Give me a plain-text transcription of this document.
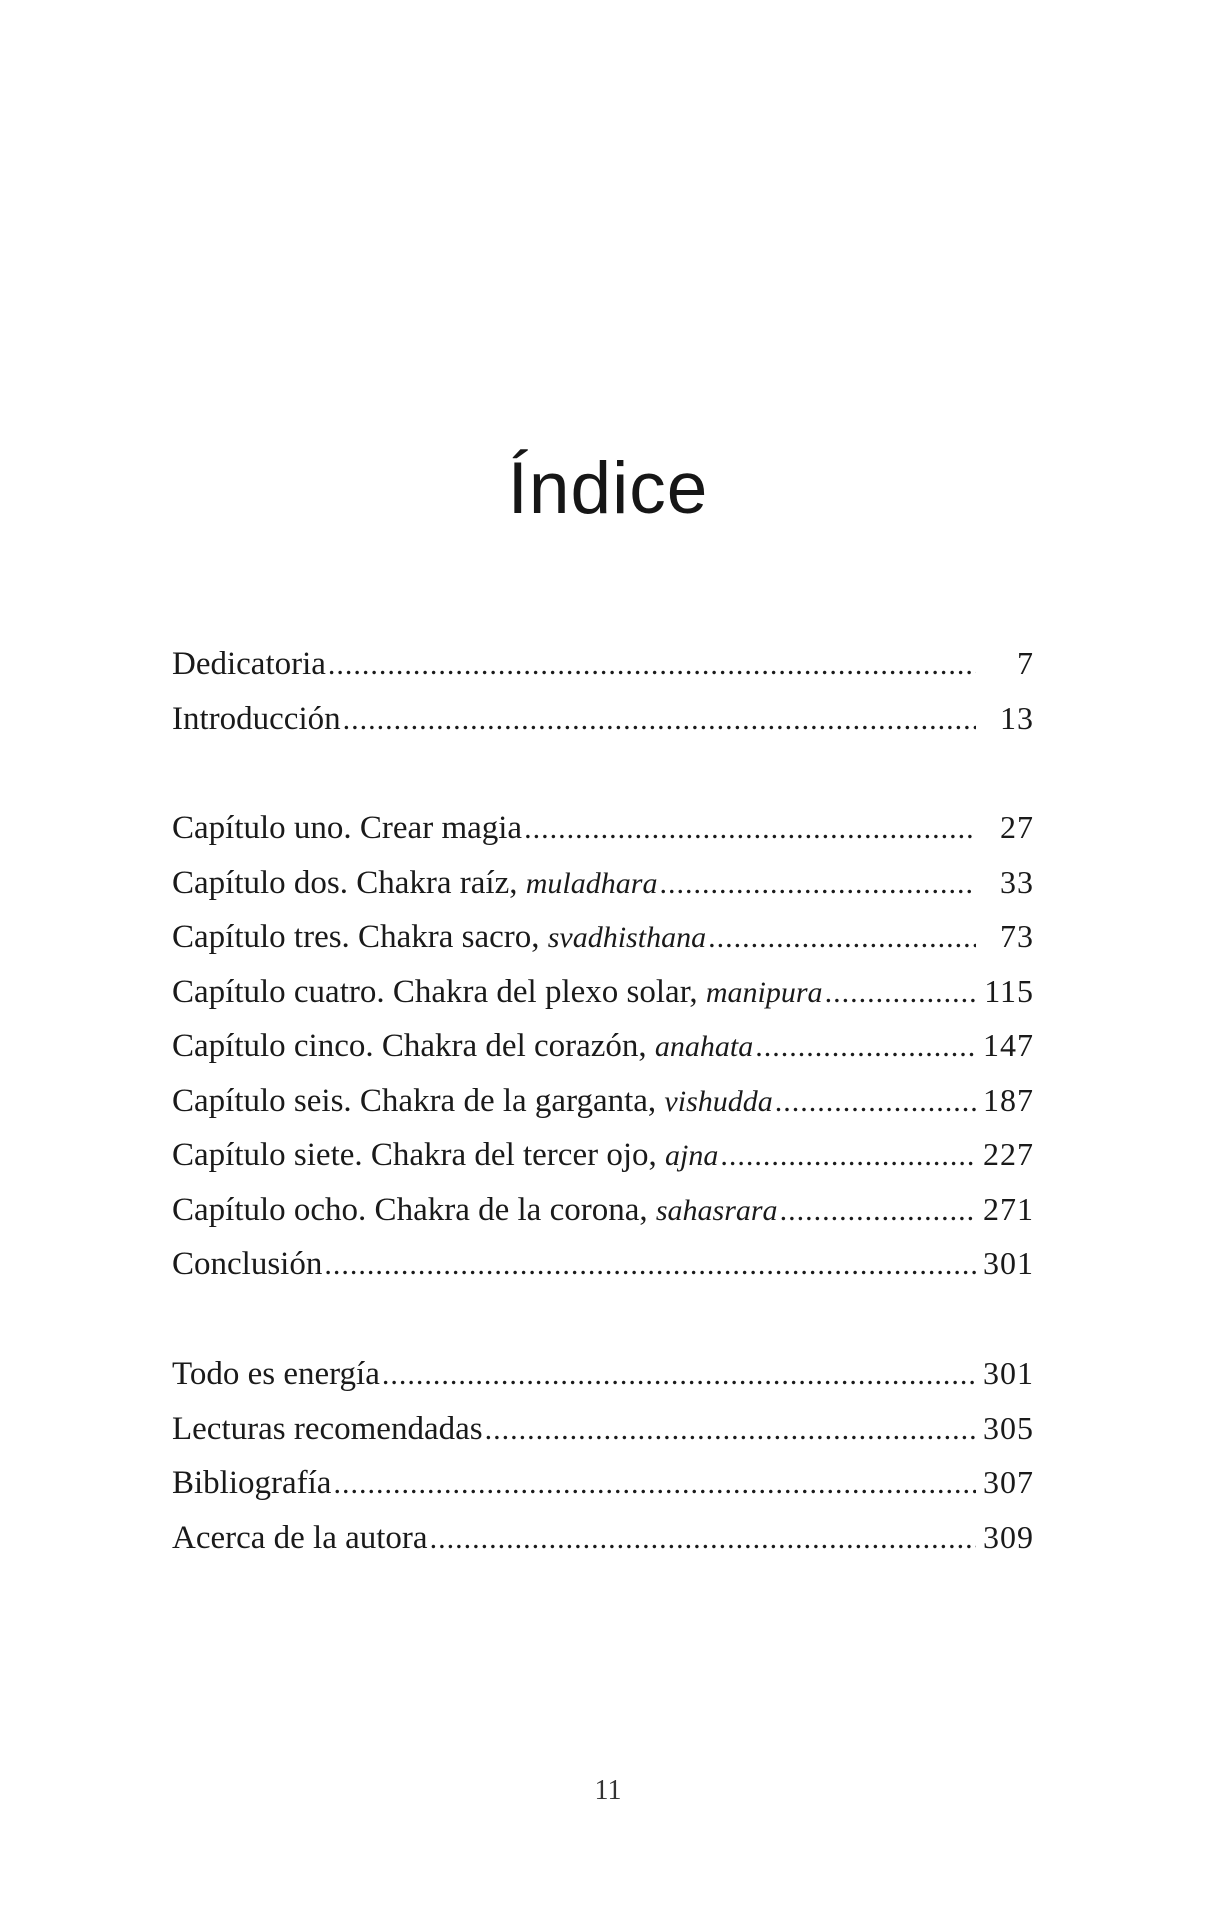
Índice
Dedicatoria .....	7
Introducción .....	13
Capítulo uno. Crear magia .....	27
Capítulo dos. Chakra raíz, muladhara .....	33
Capítulo tres. Chakra sacro, svadhisthana .....	73
Capítulo cuatro. Chakra del plexo solar, manipura .....	115
Capítulo cinco. Chakra del corazón, anahata .....	147
Capítulo seis. Chakra de la garganta, vishudda .....	187
Capítulo siete. Chakra del tercer ojo, ajna .....	227
Capítulo ocho. Chakra de la corona, sahasrara .....	271
Conclusión .....	301
Todo es energía .....	301
Lecturas recomendadas .....	305
Bibliografía .....	307
Acerca de la autora .....	309
11
